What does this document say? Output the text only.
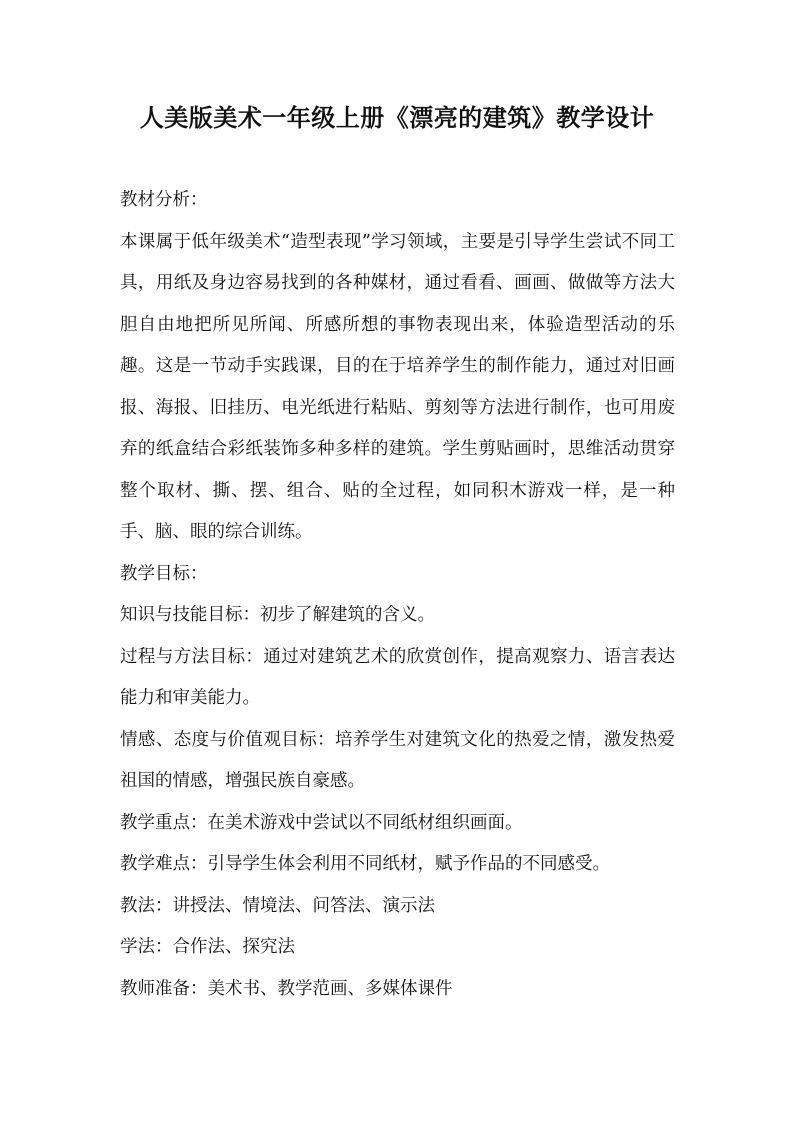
人美版美术一年级上册《漂亮的建筑》教学设计

教材分析：

本课属于低年级美术“造型表现”学习领域，主要是引导学生尝试不同工具，用纸及身边容易找到的各种媒材，通过看看、画画、做做等方法大胆自由地把所见所闻、所感所想的事物表现出来，体验造型活动的乐趣。这是一节动手实践课，目的在于培养学生的制作能力，通过对旧画报、海报、旧挂历、电光纸进行粘贴、剪刻等方法进行制作，也可用废弃的纸盒结合彩纸装饰多种多样的建筑。学生剪贴画时，思维活动贯穿整个取材、撕、摆、组合、贴的全过程，如同积木游戏一样，是一种手、脑、眼的综合训练。

教学目标：

知识与技能目标：初步了解建筑的含义。

过程与方法目标：通过对建筑艺术的欣赏创作，提高观察力、语言表达能力和审美能力。

情感、态度与价值观目标：培养学生对建筑文化的热爱之情，激发热爱祖国的情感，增强民族自豪感。

教学重点：在美术游戏中尝试以不同纸材组织画面。

教学难点：引导学生体会利用不同纸材，赋予作品的不同感受。

教法：讲授法、情境法、问答法、演示法

学法：合作法、探究法

教师准备：美术书、教学范画、多媒体课件
